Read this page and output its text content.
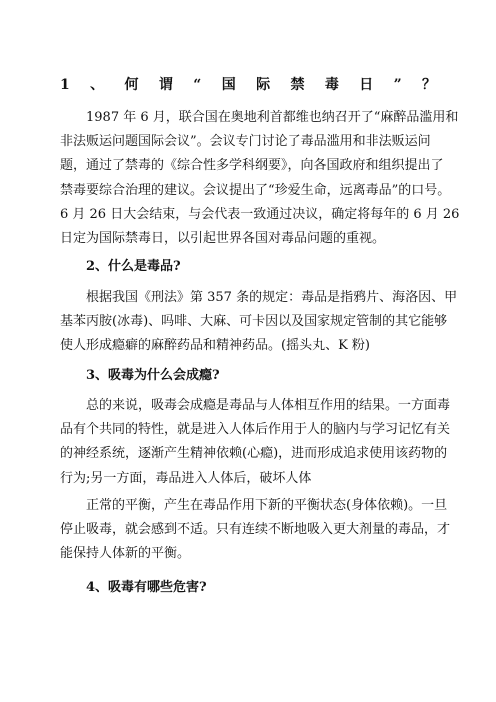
1 、 何 谓 “ 国 际 禁 毒 日 ” ？
1987 年 6 月，联合国在奥地利首都维也纳召开了“麻醉品滥用和
非法贩运问题国际会议”。会议专门讨论了毒品滥用和非法贩运问
题，通过了禁毒的《综合性多学科纲要》，向各国政府和组织提出了
禁毒要综合治理的建议。会议提出了“珍爱生命，远离毒品”的口号。
6 月 26 日大会结束，与会代表一致通过决议，确定将每年的 6 月 26
日定为国际禁毒日，以引起世界各国对毒品问题的重视。
2、什么是毒品?
根据我国《刑法》第 357 条的规定：毒品是指鸦片、海洛因、甲
基苯丙胺(冰毒)、吗啡、大麻、可卡因以及国家规定管制的其它能够
使人形成瘾癖的麻醉药品和精神药品。(摇头丸、K 粉)
3、吸毒为什么会成瘾?
总的来说，吸毒会成瘾是毒品与人体相互作用的结果。一方面毒
品有个共同的特性，就是进入人体后作用于人的脑内与学习记忆有关
的神经系统，逐渐产生精神依赖(心瘾)，进而形成追求使用该药物的
行为;另一方面，毒品进入人体后，破坏人体
正常的平衡，产生在毒品作用下新的平衡状态(身体依赖)。一旦
停止吸毒，就会感到不适。只有连续不断地吸入更大剂量的毒品，才
能保持人体新的平衡。
4、吸毒有哪些危害?
